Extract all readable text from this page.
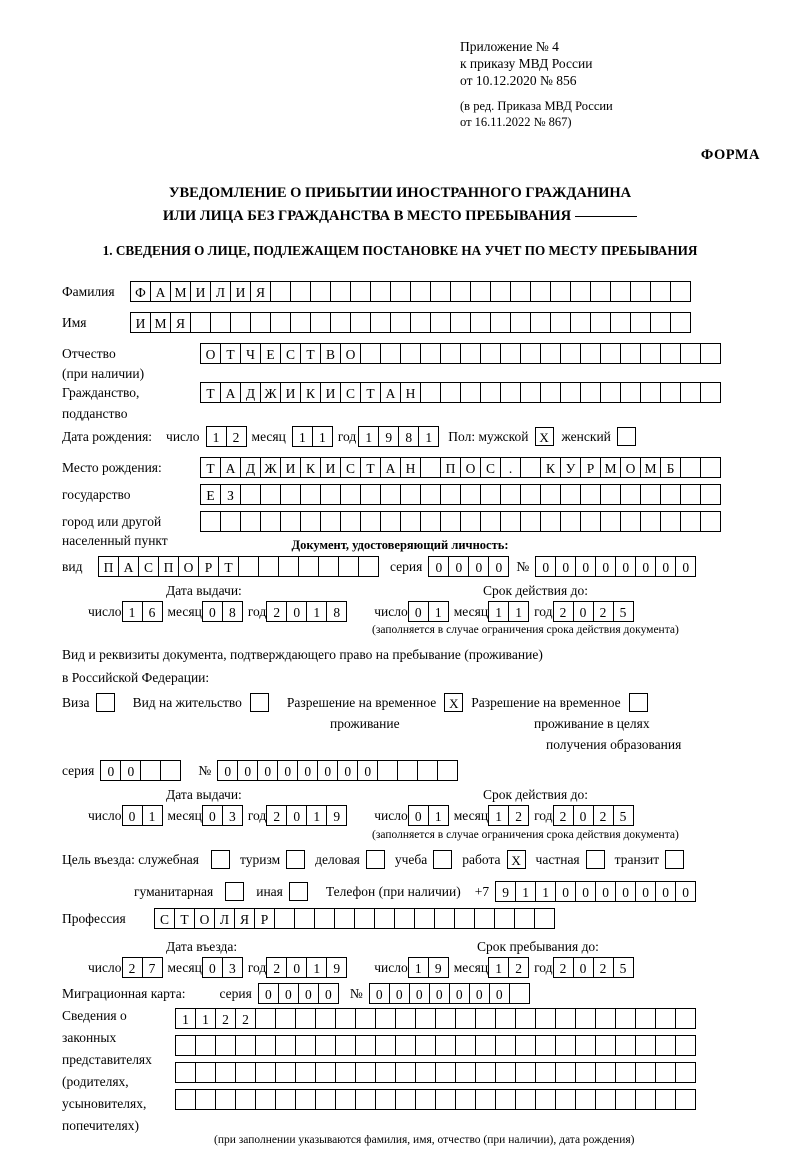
Приложение № 4
к приказу МВД России
от 10.12.2020 № 856
(в ред. Приказа МВД России
от 16.11.2022 № 867)
ФОРМА
УВЕДОМЛЕНИЕ О ПРИБЫТИИ ИНОСТРАННОГО ГРАЖДАНИНА
ИЛИ ЛИЦА БЕЗ ГРАЖДАНСТВА В МЕСТО ПРЕБЫВАНИЯ
1. СВЕДЕНИЯ О ЛИЦЕ, ПОДЛЕЖАЩЕМ ПОСТАНОВКЕ НА УЧЕТ ПО МЕСТУ ПРЕБЫВАНИЯ
Фамилия	Ф А М И Л И Я
Имя	И М Я
Отчество	О Т Ч Е С Т В О
(при наличии)
Гражданство,	Т А Д Ж И К И С Т А Н
подданство
Дата рождения: число 1 2 месяц 1 1 год 1 9 8 1	Пол: мужской X женский
Место рождения:	Т А Д Ж И К И С Т А Н	П О С	.	К У Р М О М Б
государство	Е З
город или другой
населенный пункт	Документ, удостоверяющий личность:
вид	П А С П О Р Т	серия 0 0 0 0	№ 0 0 0 0 0 0 0 0
Дата выдачи:	Срок действия до:
число 1 6 месяц 0 8 год 2 0 1 8	число 0 1 месяц 1 1 год 2 0 2 5
(заполняется в случае ограничения срока действия документа)
Вид и реквизиты документа, подтверждающего право на пребывание (проживание)
в Российской Федерации:
Виза	Вид на жительство	Разрешение на временное X Разрешение на временное
проживание	проживание в целях
получения образования
серия 0 0	№ 0 0 0 0 0 0 0 0
Дата выдачи:	Срок действия до:
число 0 1 месяц 0 3 год 2 0 1 9	число 0 1 месяц 1 2 год 2 0 2 5
(заполняется в случае ограничения срока действия документа)
Цель въезда: служебная	туризм	деловая	учеба	работа X	частная	транзит
гуманитарная	иная	Телефон (при наличии) +7 9 1 1 0 0 0 0 0 0 0
Профессия	С Т О Л Я Р
Дата въезда:	Срок пребывания до:
число 2 7 месяц 0 3 год 2 0 1 9	число 1 9 месяц 1 2 год 2 0 2 5
Миграционная карта:	серия 0 0 0 0	№ 0 0 0 0 0 0 0
Сведения о
законных
представителях
(родителях,
усыновителях,
попечителях)
1 1 2 2
(при заполнении указываются фамилия, имя, отчество (при наличии), дата рождения)
